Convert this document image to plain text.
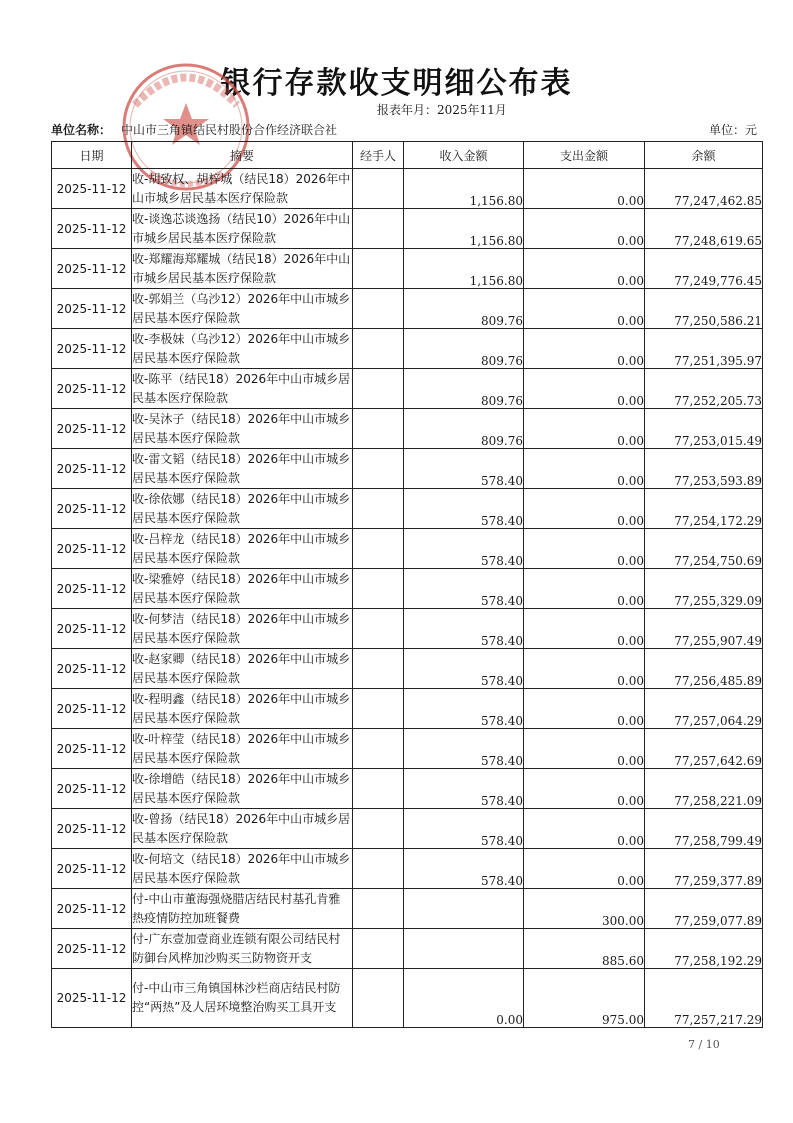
银行存款收支明细公布表
报表年月：2025年11月
单位名称： 中山市三角镇结民村股份合作经济联合社	单位：元
日期	摘要	经手人	收入金额	支出金额	余额
2025-11-12	收-胡致权、胡梓城（结民18）2026年中山市城乡居民基本医疗保险款		1,156.80	0.00	77,247,462.85
2025-11-12	收-谈逸芯谈逸扬（结民10）2026年中山市城乡居民基本医疗保险款		1,156.80	0.00	77,248,619.65
2025-11-12	收-郑耀海郑耀城（结民18）2026年中山市城乡居民基本医疗保险款		1,156.80	0.00	77,249,776.45
2025-11-12	收-郭娟兰（乌沙12）2026年中山市城乡居民基本医疗保险款		809.76	0.00	77,250,586.21
2025-11-12	收-李极妹（乌沙12）2026年中山市城乡居民基本医疗保险款		809.76	0.00	77,251,395.97
2025-11-12	收-陈平（结民18）2026年中山市城乡居民基本医疗保险款		809.76	0.00	77,252,205.73
2025-11-12	收-吴沐子（结民18）2026年中山市城乡居民基本医疗保险款		809.76	0.00	77,253,015.49
2025-11-12	收-雷文韬（结民18）2026年中山市城乡居民基本医疗保险款		578.40	0.00	77,253,593.89
2025-11-12	收-徐依娜（结民18）2026年中山市城乡居民基本医疗保险款		578.40	0.00	77,254,172.29
2025-11-12	收-吕梓龙（结民18）2026年中山市城乡居民基本医疗保险款		578.40	0.00	77,254,750.69
2025-11-12	收-梁雅婷（结民18）2026年中山市城乡居民基本医疗保险款		578.40	0.00	77,255,329.09
2025-11-12	收-何梦洁（结民18）2026年中山市城乡居民基本医疗保险款		578.40	0.00	77,255,907.49
2025-11-12	收-赵家卿（结民18）2026年中山市城乡居民基本医疗保险款		578.40	0.00	77,256,485.89
2025-11-12	收-程明鑫（结民18）2026年中山市城乡居民基本医疗保险款		578.40	0.00	77,257,064.29
2025-11-12	收-叶梓莹（结民18）2026年中山市城乡居民基本医疗保险款		578.40	0.00	77,257,642.69
2025-11-12	收-徐增皓（结民18）2026年中山市城乡居民基本医疗保险款		578.40	0.00	77,258,221.09
2025-11-12	收-曾扬（结民18）2026年中山市城乡居民基本医疗保险款		578.40	0.00	77,258,799.49
2025-11-12	收-何培文（结民18）2026年中山市城乡居民基本医疗保险款		578.40	0.00	77,259,377.89
2025-11-12	付-中山市董海强烧腊店结民村基孔肯雅热疫情防控加班餐费			300.00	77,259,077.89
2025-11-12	付-广东壹加壹商业连锁有限公司结民村防御台风桦加沙购买三防物资开支			885.60	77,258,192.29
2025-11-12	付-中山市三角镇国林沙栏商店结民村防控“两热”及人居环境整治购买工具开支		0.00	975.00	77,257,217.29
7 / 10
